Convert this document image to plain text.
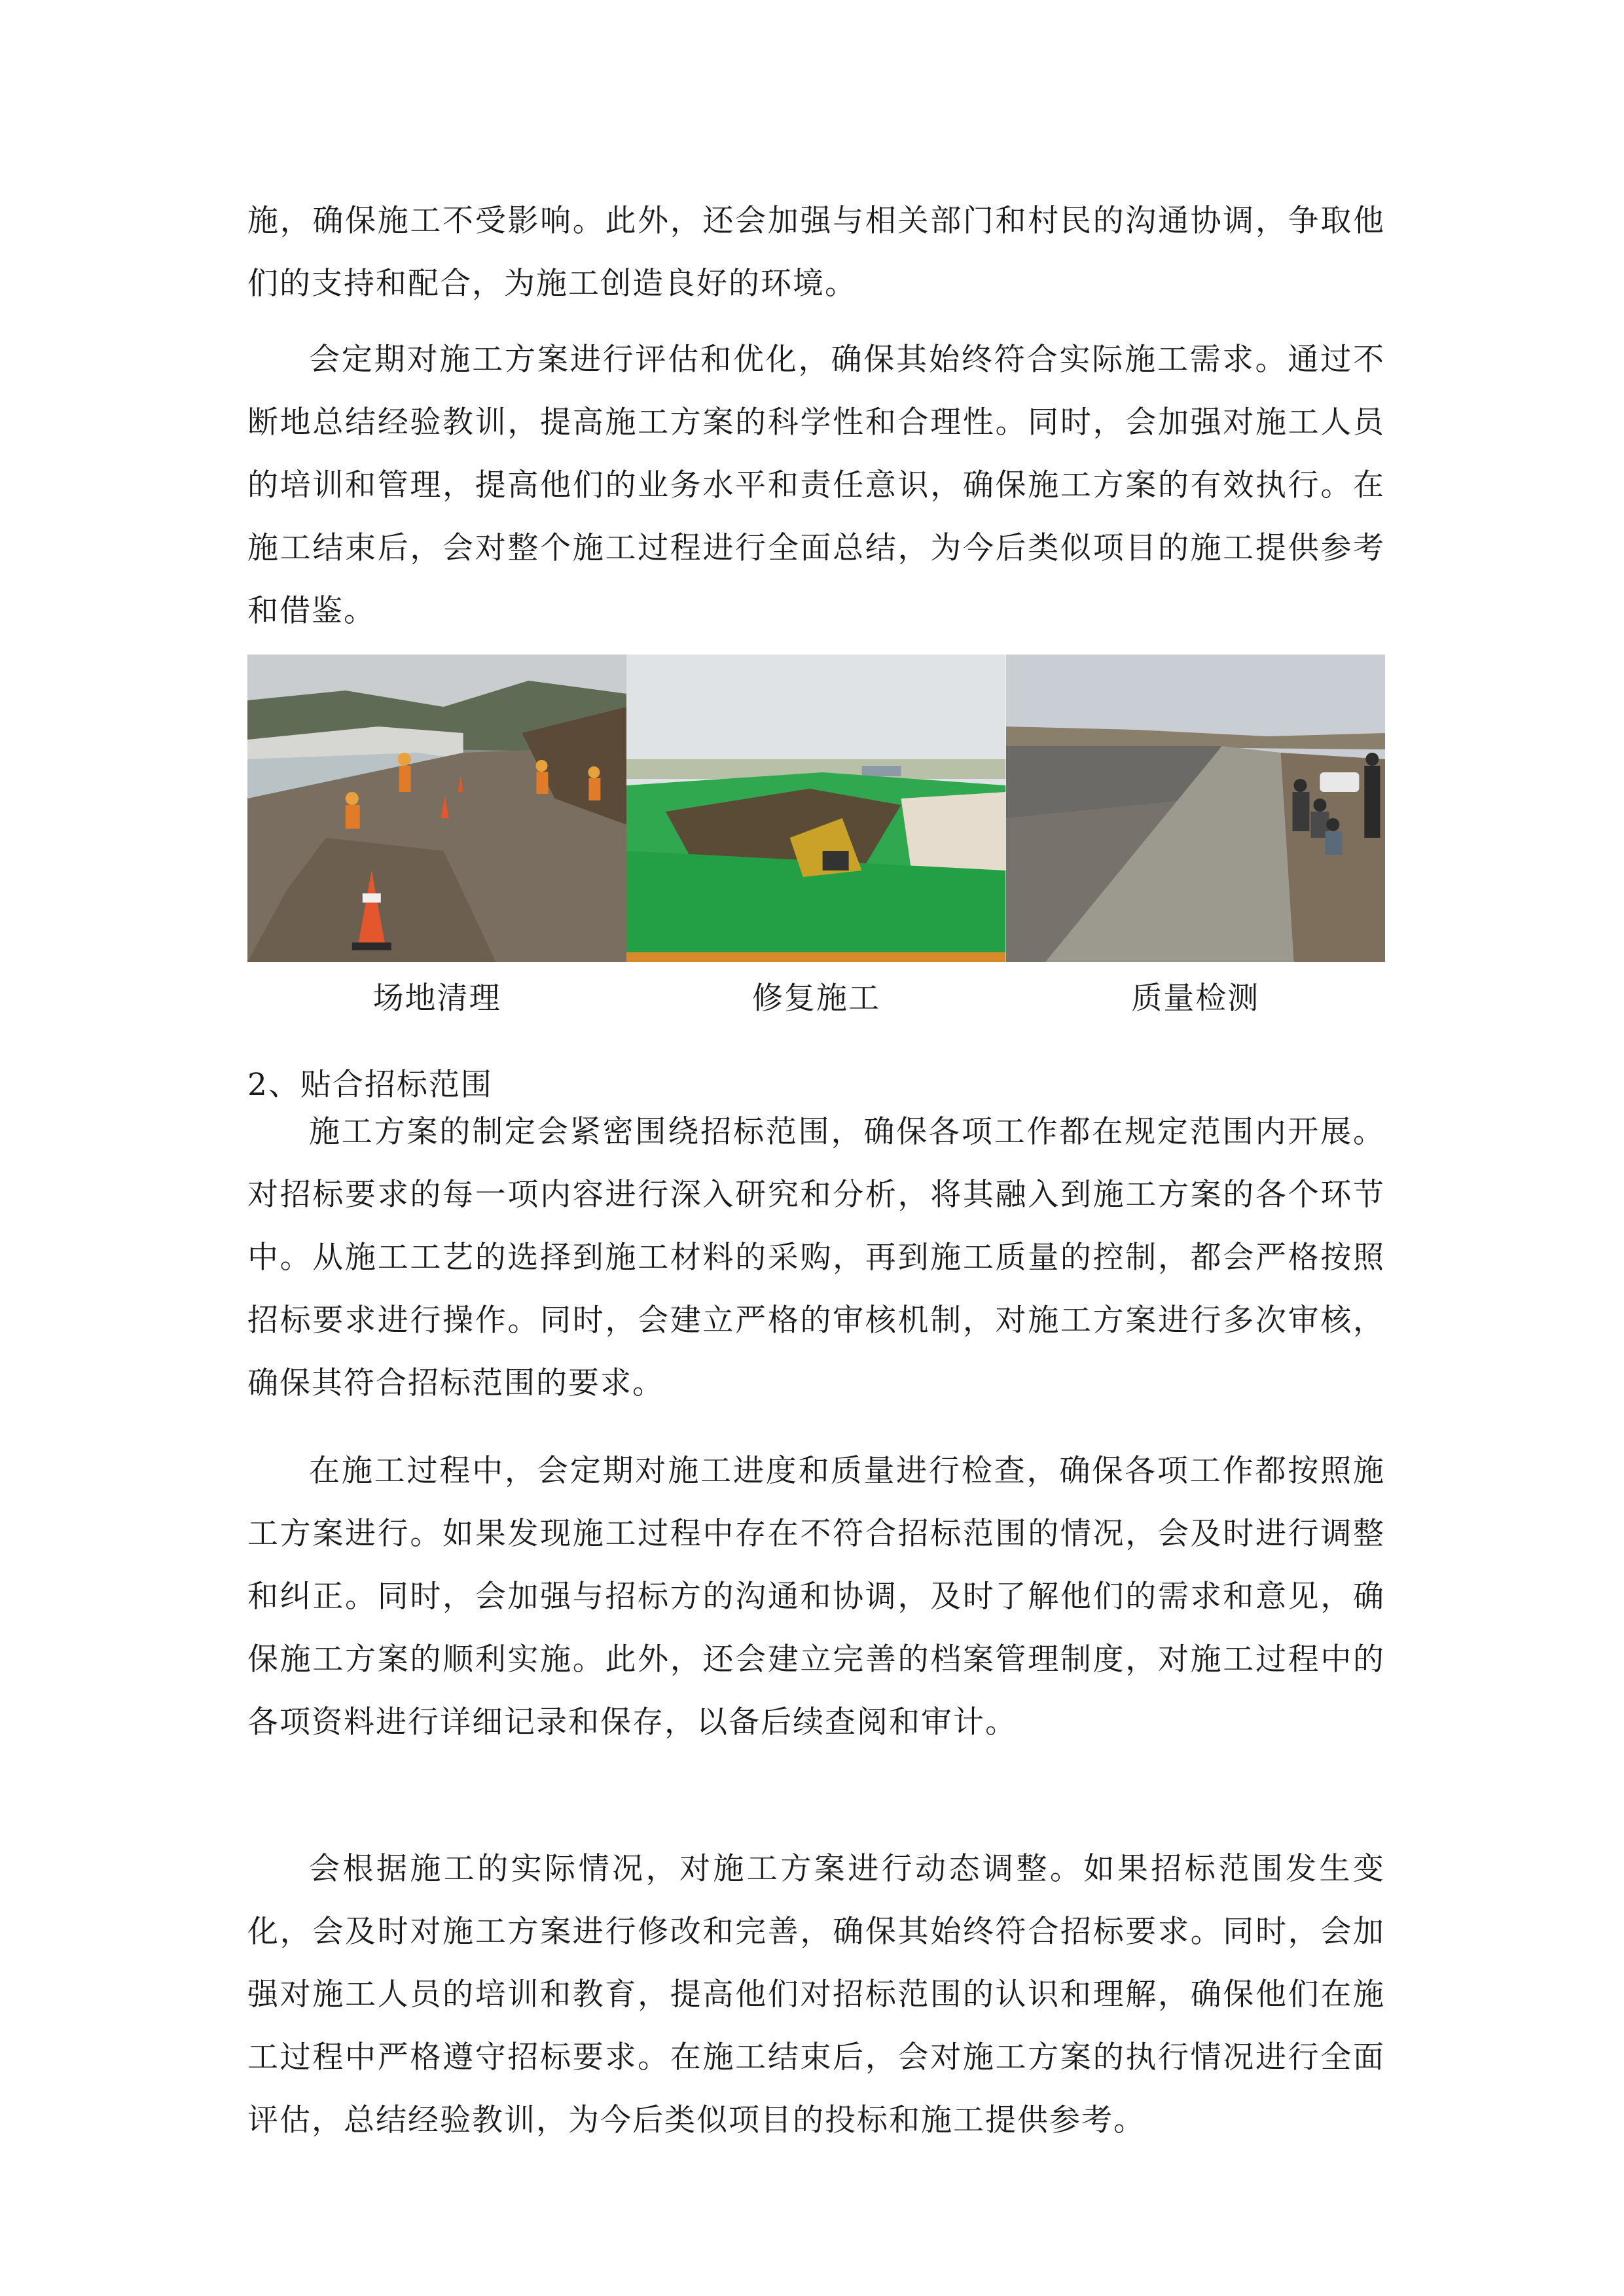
施，确保施工不受影响。此外，还会加强与相关部门和村民的沟通协调，争取他们的支持和配合，为施工创造良好的环境。

会定期对施工方案进行评估和优化，确保其始终符合实际施工需求。通过不断地总结经验教训，提高施工方案的科学性和合理性。同时，会加强对施工人员的培训和管理，提高他们的业务水平和责任意识，确保施工方案的有效执行。在施工结束后，会对整个施工过程进行全面总结，为今后类似项目的施工提供参考和借鉴。

场地清理	修复施工	质量检测

2、贴合招标范围

施工方案的制定会紧密围绕招标范围，确保各项工作都在规定范围内开展。对招标要求的每一项内容进行深入研究和分析，将其融入到施工方案的各个环节中。从施工工艺的选择到施工材料的采购，再到施工质量的控制，都会严格按照招标要求进行操作。同时，会建立严格的审核机制，对施工方案进行多次审核，确保其符合招标范围的要求。

在施工过程中，会定期对施工进度和质量进行检查，确保各项工作都按照施工方案进行。如果发现施工过程中存在不符合招标范围的情况，会及时进行调整和纠正。同时，会加强与招标方的沟通和协调，及时了解他们的需求和意见，确保施工方案的顺利实施。此外，还会建立完善的档案管理制度，对施工过程中的各项资料进行详细记录和保存，以备后续查阅和审计。

会根据施工的实际情况，对施工方案进行动态调整。如果招标范围发生变化，会及时对施工方案进行修改和完善，确保其始终符合招标要求。同时，会加强对施工人员的培训和教育，提高他们对招标范围的认识和理解，确保他们在施工过程中严格遵守招标要求。在施工结束后，会对施工方案的执行情况进行全面评估，总结经验教训，为今后类似项目的投标和施工提供参考。
